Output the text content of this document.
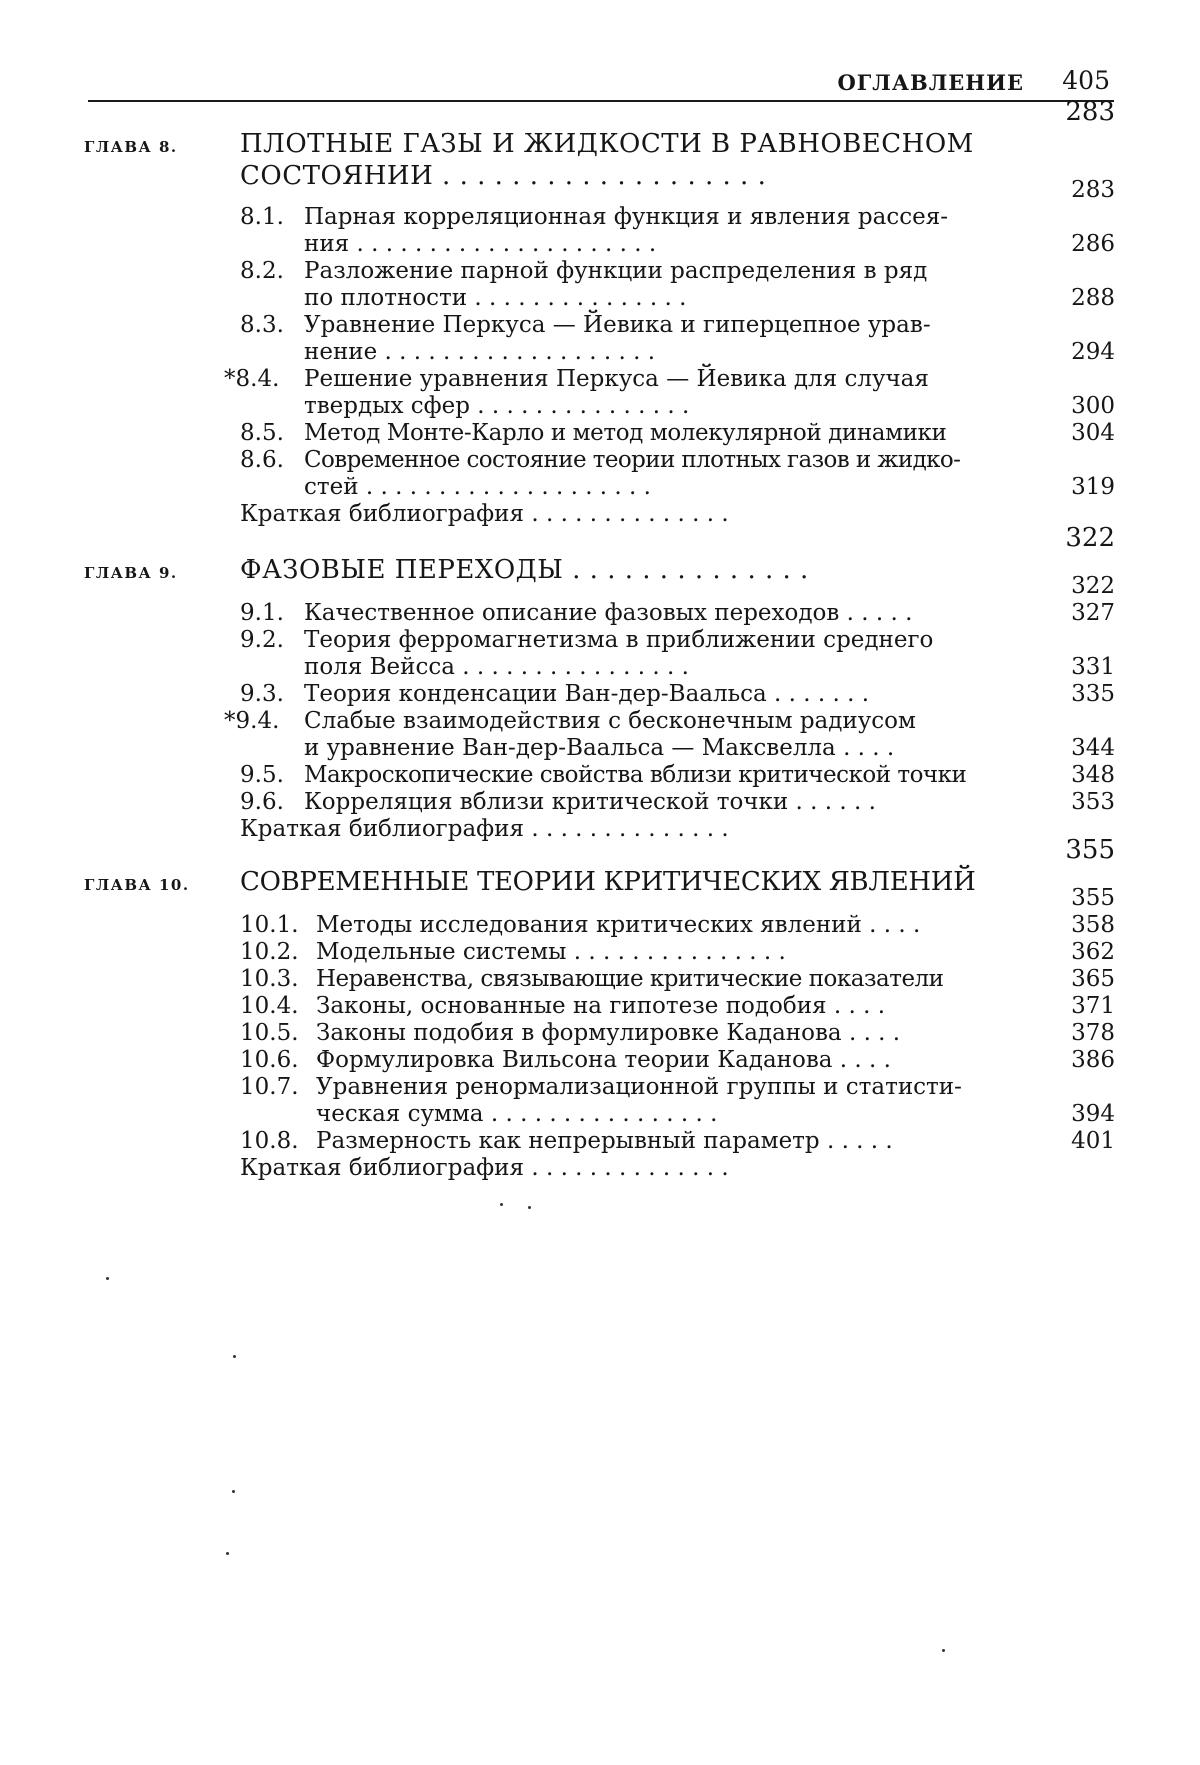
ОГЛАВЛЕНИЕ 405
ГЛАВА 8. ПЛОТНЫЕ ГАЗЫ И ЖИДКОСТИ В РАВНОВЕСНОМ
СОСТОЯНИИ . . . . . . . . . . . . . . . . . . .
283
8.1. Парная корреляционная функция и явления рассея-
ния . . . . . . . . . . . . . . . . . . . . .
283
8.2. Разложение парной функции распределения в ряд
по плотности . . . . . . . . . . . . . . .
286
8.3. Уравнение Перкуса — Йевика и гиперцепное урав-
нение . . . . . . . . . . . . . . . . . . .
288
*8.4. Решение уравнения Перкуса — Йевика для случая
твердых сфер . . . . . . . . . . . . . . .
294
8.5. Метод Монте-Карло и метод молекулярной динамики
300
8.6. Современное состояние теории плотных газов и жидко-
стей . . . . . . . . . . . . . . . . . . . .
304
Краткая библиография . . . . . . . . . . . . . .
319
ГЛАВА 9. ФАЗОВЫЕ ПЕРЕХОДЫ . . . . . . . . . . . . . .
322
9.1. Качественное описание фазовых переходов . . . . .
322
9.2. Теория ферромагнетизма в приближении среднего
поля Вейсса . . . . . . . . . . . . . . . .
327
9.3. Теория конденсации Ван-дер-Ваальса . . . . . . .
331
*9.4. Слабые взаимодействия с бесконечным радиусом
и уравнение Ван-дер-Ваальса — Максвелла . . . .
335
9.5. Макроскопические свойства вблизи критической точки
344
9.6. Корреляция вблизи критической точки . . . . . .
348
Краткая библиография . . . . . . . . . . . . . .
353
ГЛАВА 10. СОВРЕМЕННЫЕ ТЕОРИИ КРИТИЧЕСКИХ ЯВЛЕНИЙ
355
10.1. Методы исследования критических явлений . . . .
355
10.2. Модельные системы . . . . . . . . . . . . . . .
358
10.3. Неравенства, связывающие критические показатели
362
10.4. Законы, основанные на гипотезе подобия . . . .
365
10.5. Законы подобия в формулировке Каданова . . . .
371
10.6. Формулировка Вильсона теории Каданова . . . .
378
10.7. Уравнения ренормализационной группы и статисти-
ческая сумма . . . . . . . . . . . . . . . .
386
10.8. Размерность как непрерывный параметр . . . . .
394
Краткая библиография . . . . . . . . . . . . . .
401
